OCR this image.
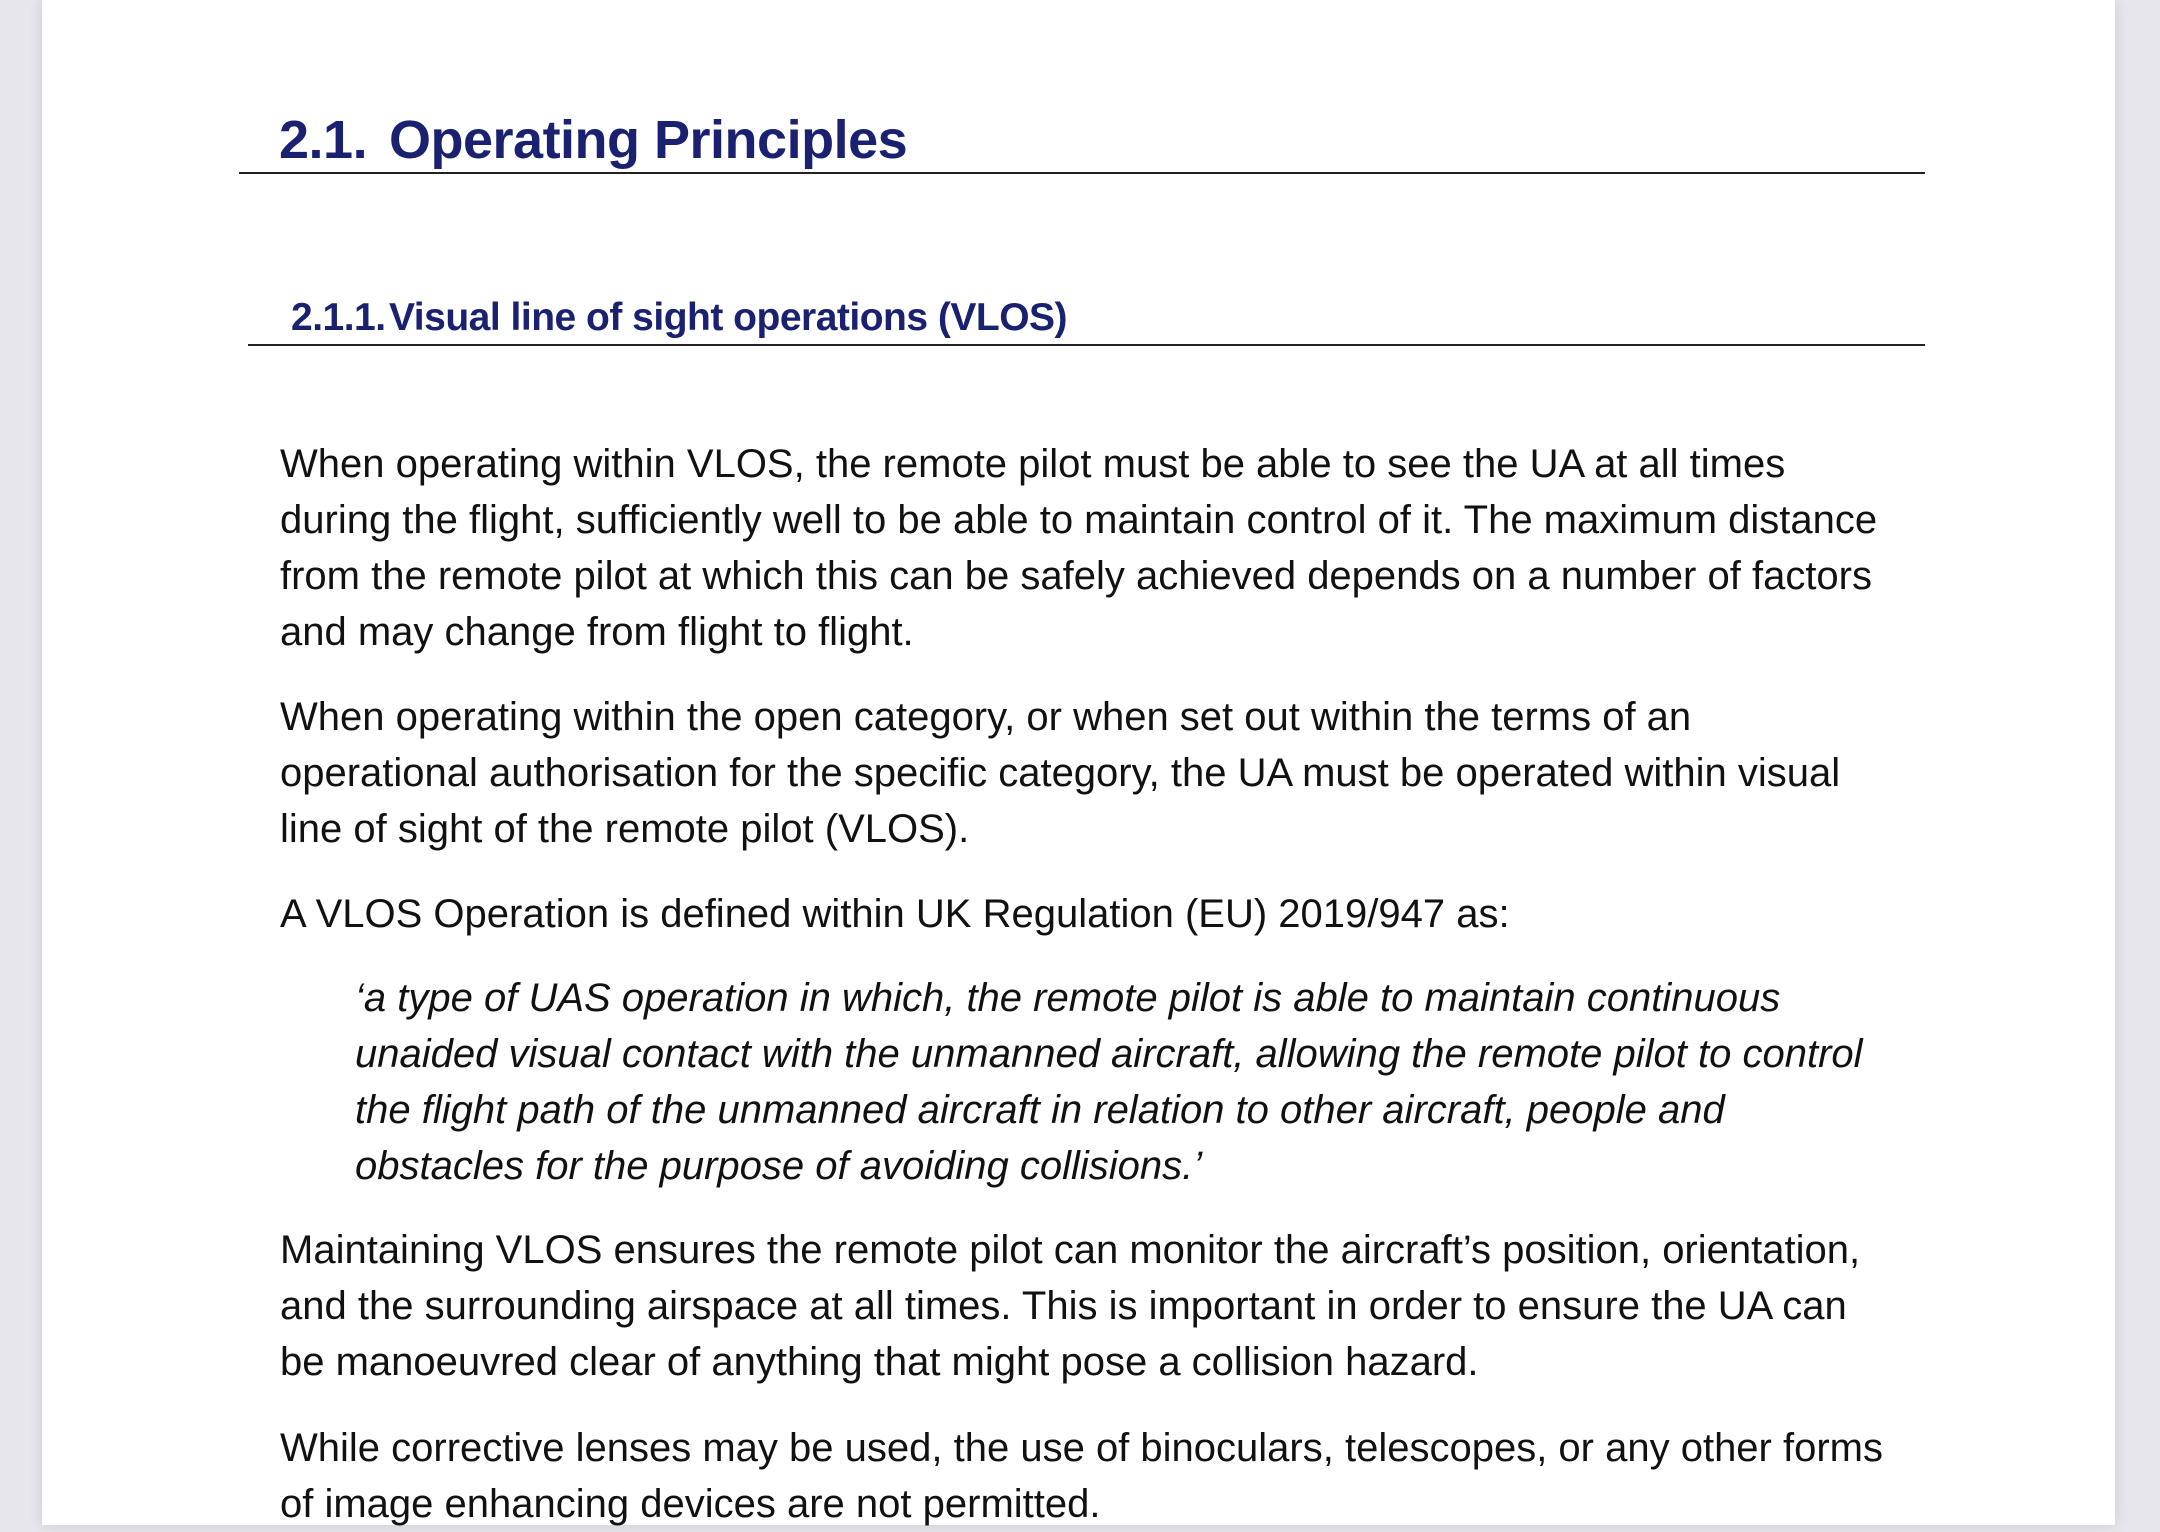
2.1. Operating Principles
2.1.1. Visual line of sight operations (VLOS)

When operating within VLOS, the remote pilot must be able to see the UA at all times
during the flight, sufficiently well to be able to maintain control of it. The maximum distance
from the remote pilot at which this can be safely achieved depends on a number of factors
and may change from flight to flight.

When operating within the open category, or when set out within the terms of an
operational authorisation for the specific category, the UA must be operated within visual
line of sight of the remote pilot (VLOS).

A VLOS Operation is defined within UK Regulation (EU) 2019/947 as:

‘a type of UAS operation in which, the remote pilot is able to maintain continuous
unaided visual contact with the unmanned aircraft, allowing the remote pilot to control
the flight path of the unmanned aircraft in relation to other aircraft, people and
obstacles for the purpose of avoiding collisions.’

Maintaining VLOS ensures the remote pilot can monitor the aircraft’s position, orientation,
and the surrounding airspace at all times. This is important in order to ensure the UA can
be manoeuvred clear of anything that might pose a collision hazard.

While corrective lenses may be used, the use of binoculars, telescopes, or any other forms
of image enhancing devices are not permitted.
